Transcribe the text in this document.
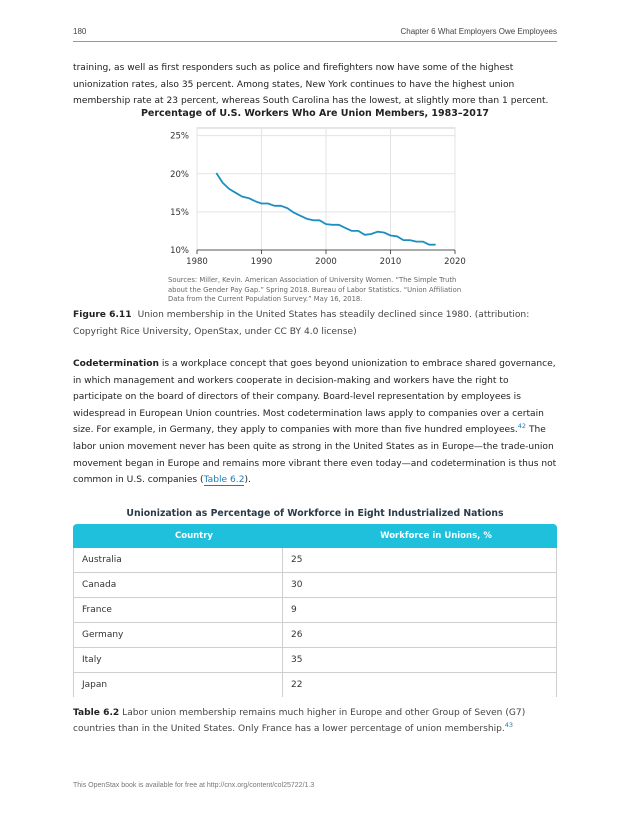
180	Chapter 6 What Employers Owe Employees

training, as well as first responders such as police and firefighters now have some of the highest unionization rates, also 35 percent. Among states, New York continues to have the highest union membership rate at 23 percent, whereas South Carolina has the lowest, at slightly more than 1 percent.

Percentage of U.S. Workers Who Are Union Members, 1983–2017
1980	1990	2000	2010	2020
10%
15%
20%
25%

Sources: Miller, Kevin. American Association of University Women. “The Simple Truth about the Gender Pay Gap.” Spring 2018. Bureau of Labor Statistics. “Union Affiliation Data from the Current Population Survey.” May 16, 2018.

Figure 6.11 Union membership in the United States has steadily declined since 1980. (attribution: Copyright Rice University, OpenStax, under CC BY 4.0 license)

Codetermination is a workplace concept that goes beyond unionization to embrace shared governance, in which management and workers cooperate in decision-making and workers have the right to participate on the board of directors of their company. Board-level representation by employees is widespread in European Union countries. Most codetermination laws apply to companies over a certain size. For example, in Germany, they apply to companies with more than five hundred employees.$^{42}$ The labor union movement never has been quite as strong in the United States as in Europe—the trade-union movement began in Europe and remains more vibrant there even today—and codetermination is thus not common in U.S. companies (Table 6.2).

Unionization as Percentage of Workforce in Eight Industrialized Nations
Country	Workforce in Unions, %
Australia	25
Canada	30
France	9
Germany	26
Italy	35
Japan	22

Table 6.2 Labor union membership remains much higher in Europe and other Group of Seven (G7) countries than in the United States. Only France has a lower percentage of union membership.$^{43}$

This OpenStax book is available for free at http://cnx.org/content/col25722/1.3
